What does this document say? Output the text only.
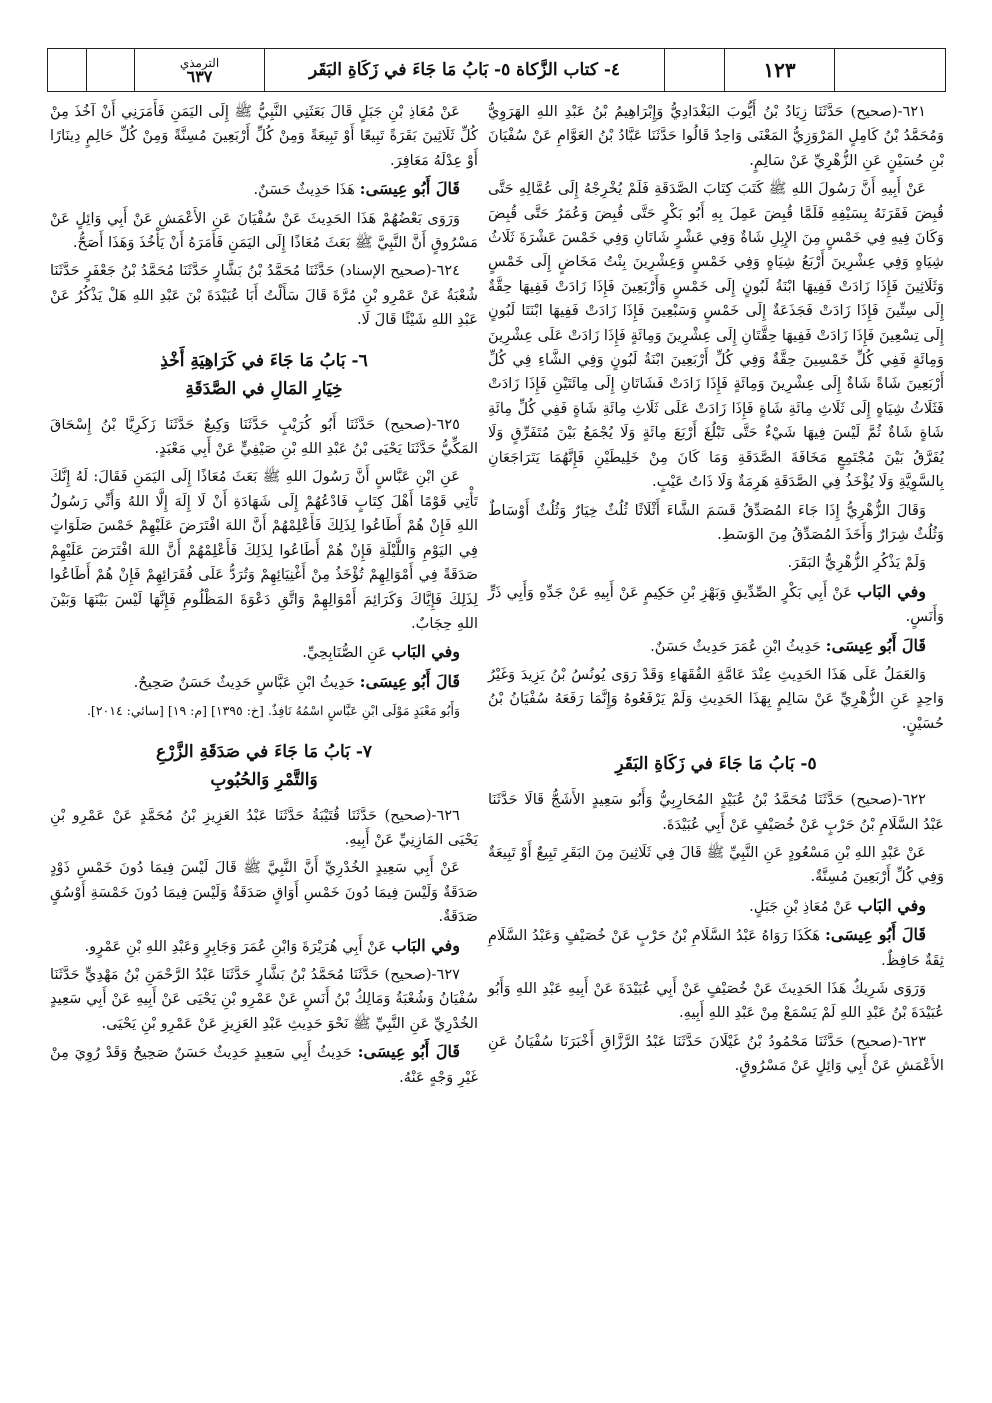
الترمذي
٦٣٧	٤- كتاب الزَّكاة ٥- بَابُ مَا جَاءَ في زَكَاةِ البَقَر	١٢٣

٦٢١-(صحيح) حَدَّثَنَا زِيَادُ بْنُ أَيُّوبَ البَغْدَادِيُّ وَإِبْرَاهِيمُ بْنُ عَبْدِ اللهِ الهَرَوِيُّ وَمُحَمَّدُ بْنُ كَامِلٍ المَرْوَزِيُّ المَعْنَى وَاحِدٌ قَالُوا حَدَّثَنَا عَبَّادُ بْنُ العَوَّامِ عَنْ سُفْيَانَ بْنِ حُسَيْنٍ عَنِ الزُّهْرِيِّ عَنْ سَالِمٍ.

عَنْ أَبِيهِ أَنَّ رَسُولَ اللهِ ﷺ كَتَبَ كِتَابَ الصَّدَقَةِ فَلَمْ يُخْرِجْهُ إِلَى عُمَّالِهِ حَتَّى قُبِضَ فَقَرَنَهُ بِسَيْفِهِ فَلَمَّا قُبِضَ عَمِلَ بِهِ أَبُو بَكْرٍ حَتَّى قُبِضَ وَعُمَرُ حَتَّى قُبِضَ وَكَانَ فِيهِ فِي خَمْسٍ مِنَ الإِبِلِ شَاةٌ وَفِي عَشْرٍ شَاتَانِ وَفِي خَمْسَ عَشْرَةَ ثَلَاثُ شِيَاهٍ وَفِي عِشْرِينَ أَرْبَعُ شِيَاهٍ وَفِي خَمْسٍ وَعِشْرِينَ بِنْتُ مَخَاضٍ إِلَى خَمْسٍ وَثَلَاثِينَ فَإِذَا زَادَتْ فَفِيهَا ابْنَةُ لَبُونٍ إِلَى خَمْسٍ وَأَرْبَعِينَ فَإِذَا زَادَتْ فَفِيهَا حِقَّةٌ إِلَى سِتِّينَ فَإِذَا زَادَتْ فَجَذَعَةٌ إِلَى خَمْسٍ وَسَبْعِينَ فَإِذَا زَادَتْ فَفِيهَا ابْنَتَا لَبُونٍ إِلَى تِسْعِينَ فَإِذَا زَادَتْ فَفِيهَا حِقَّتَانِ إِلَى عِشْرِينَ وَمِائَةٍ فَإِذَا زَادَتْ عَلَى عِشْرِينَ وَمِائَةٍ فَفِي كُلِّ خَمْسِينَ حِقَّةٌ وَفِي كُلِّ أَرْبَعِينَ ابْنَةُ لَبُونٍ وَفِي الشَّاءِ فِي كُلِّ أَرْبَعِينَ شَاةً شَاةٌ إِلَى عِشْرِينَ وَمِائَةٍ فَإِذَا زَادَتْ فَشَاتَانِ إِلَى مِائَتَيْنِ فَإِذَا زَادَتْ فَثَلَاثُ شِيَاهٍ إِلَى ثَلَاثِ مِائَةِ شَاةٍ فَإِذَا زَادَتْ عَلَى ثَلَاثِ مِائَةِ شَاةٍ فَفِي كُلِّ مِائَةِ شَاةٍ شَاةٌ ثُمَّ لَيْسَ فِيهَا شَيْءٌ حَتَّى تَبْلُغَ أَرْبَعَ مِائَةٍ وَلَا يُجْمَعُ بَيْنَ مُتَفَرِّقٍ وَلَا يُفَرَّقُ بَيْنَ مُجْتَمِعٍ مَخَافَةَ الصَّدَقَةِ وَمَا كَانَ مِنْ خَلِيطَيْنِ فَإِنَّهُمَا يَتَرَاجَعَانِ بِالسَّوِيَّةِ وَلَا يُؤْخَذُ فِي الصَّدَقَةِ هَرِمَةٌ وَلَا ذَاتُ عَيْبٍ.

وَقَالَ الزُّهْرِيُّ إِذَا جَاءَ المُصَدِّقُ قَسَمَ الشَّاءَ أَثْلَاثًا ثُلُثٌ خِيَارٌ وَثُلُثٌ أَوْسَاطٌ وَثُلُثٌ شِرَارٌ وَأَخَذَ المُصَدِّقُ مِنَ الوَسَطِ.

وَلَمْ يَذْكُرِ الزُّهْرِيُّ البَقَرَ.

وفي البَاب عَنْ أَبِي بَكْرٍ الصِّدِّيقِ وَبَهْزِ بْنِ حَكِيمٍ عَنْ أَبِيهِ عَنْ جَدِّهِ وَأَبِي ذَرٍّ وَأَنَسٍ.

قَالَ أَبُو عِيسَى: حَدِيثُ ابْنِ عُمَرَ حَدِيثٌ حَسَنٌ.

وَالعَمَلُ عَلَى هَذَا الحَدِيثِ عِنْدَ عَامَّةِ الفُقَهَاءِ وَقَدْ رَوَى يُونُسُ بْنُ يَزِيدَ وَغَيْرُ وَاحِدٍ عَنِ الزُّهْرِيِّ عَنْ سَالِمٍ بِهَذَا الحَدِيثِ وَلَمْ يَرْفَعُوهُ وَإِنَّمَا رَفَعَهُ سُفْيَانُ بْنُ حُسَيْنٍ.

٥- بَابُ مَا جَاءَ في زَكَاةِ البَقَرِ

٦٢٢-(صحيح) حَدَّثَنَا مُحَمَّدُ بْنُ عُبَيْدٍ المُحَارِبِيُّ وَأَبُو سَعِيدٍ الأَشَجُّ قَالَا حَدَّثَنَا عَبْدُ السَّلَامِ بْنُ حَرْبٍ عَنْ خُصَيْفٍ عَنْ أَبِي عُبَيْدَةَ.

عَنْ عَبْدِ اللهِ بْنِ مَسْعُودٍ عَنِ النَّبِيِّ ﷺ قَالَ فِي ثَلَاثِينَ مِنَ البَقَرِ تَبِيعٌ أَوْ تَبِيعَةٌ وَفِي كُلِّ أَرْبَعِينَ مُسِنَّةٌ.

وفي البَاب عَنْ مُعَاذِ بْنِ جَبَلٍ.

قَالَ أَبُو عِيسَى: هَكَذَا رَوَاهُ عَبْدُ السَّلَامِ بْنُ حَرْبٍ عَنْ خُصَيْفٍ وَعَبْدُ السَّلَامِ ثِقَةٌ حَافِظٌ.

وَرَوَى شَرِيكٌ هَذَا الحَدِيثَ عَنْ خُصَيْفٍ عَنْ أَبِي عُبَيْدَةَ عَنْ أَبِيهِ عَبْدِ اللهِ وَأَبُو عُبَيْدَةَ بْنُ عَبْدِ اللهِ لَمْ يَسْمَعْ مِنْ عَبْدِ اللهِ أَبِيهِ.

٦٢٣-(صحيح) حَدَّثَنَا مَحْمُودُ بْنُ غَيْلَانَ حَدَّثَنَا عَبْدُ الرَّزَّاقِ أَخْبَرَنَا سُفْيَانُ عَنِ الأَعْمَشِ عَنْ أَبِي وَائِلٍ عَنْ مَسْرُوقٍ.

عَنْ مُعَاذِ بْنِ جَبَلٍ قَالَ بَعَثَنِي النَّبِيُّ ﷺ إِلَى اليَمَنِ فَأَمَرَنِي أَنْ آخُذَ مِنْ كُلِّ ثَلَاثِينَ بَقَرَةً تَبِيعًا أَوْ تَبِيعَةً وَمِنْ كُلِّ أَرْبَعِينَ مُسِنَّةً وَمِنْ كُلِّ حَالِمٍ دِينَارًا أَوْ عِدْلَهُ مَعَافِرَ.

قَالَ أَبُو عِيسَى: هَذَا حَدِيثٌ حَسَنٌ.

وَرَوَى بَعْضُهُمْ هَذَا الحَدِيثَ عَنْ سُفْيَانَ عَنِ الأَعْمَشِ عَنْ أَبِي وَائِلٍ عَنْ مَسْرُوقٍ أَنَّ النَّبِيَّ ﷺ بَعَثَ مُعَاذًا إِلَى اليَمَنِ فَأَمَرَهُ أَنْ يَأْخُذَ وَهَذَا أَصَحُّ.

٦٢٤-(صحيح الإسناد) حَدَّثَنَا مُحَمَّدُ بْنُ بَشَّارٍ حَدَّثَنَا مُحَمَّدُ بْنُ جَعْفَرٍ حَدَّثَنَا شُعْبَةُ عَنْ عَمْرِو بْنِ مُرَّةَ قَالَ سَأَلْتُ أَبَا عُبَيْدَةَ بْنَ عَبْدِ اللهِ هَلْ يَذْكُرُ عَنْ عَبْدِ اللهِ شَيْئًا قَالَ لَا.

٦- بَابُ مَا جَاءَ في كَرَاهِيَةِ أَخْذِ
خِيَارِ المَالِ في الصَّدَقَةِ

٦٢٥-(صحيح) حَدَّثَنَا أَبُو كُرَيْبٍ حَدَّثَنَا وَكِيعٌ حَدَّثَنَا زَكَرِيَّا بْنُ إِسْحَاقَ المَكِّيُّ حَدَّثَنَا يَحْيَى بْنُ عَبْدِ اللهِ بْنِ صَيْفِيٍّ عَنْ أَبِي مَعْبَدٍ.

عَنِ ابْنِ عَبَّاسٍ أَنَّ رَسُولَ اللهِ ﷺ بَعَثَ مُعَاذًا إِلَى اليَمَنِ فَقَالَ: لَهُ إِنَّكَ تَأْتِي قَوْمًا أَهْلَ كِتَابٍ فَادْعُهُمْ إِلَى شَهَادَةِ أَنْ لَا إِلَهَ إِلَّا اللهُ وَأَنِّي رَسُولُ اللهِ فَإِنْ هُمْ أَطَاعُوا لِذَلِكَ فَأَعْلِمْهُمْ أَنَّ اللهَ افْتَرَضَ عَلَيْهِمْ خَمْسَ صَلَوَاتٍ فِي اليَوْمِ وَاللَّيْلَةِ فَإِنْ هُمْ أَطَاعُوا لِذَلِكَ فَأَعْلِمْهُمْ أَنَّ اللهَ افْتَرَضَ عَلَيْهِمْ صَدَقَةً فِي أَمْوَالِهِمْ تُؤْخَذُ مِنْ أَغْنِيَائِهِمْ وَتُرَدُّ عَلَى فُقَرَائِهِمْ فَإِنْ هُمْ أَطَاعُوا لِذَلِكَ فَإِيَّاكَ وَكَرَائِمَ أَمْوَالِهِمْ وَاتَّقِ دَعْوَةَ المَظْلُومِ فَإِنَّهَا لَيْسَ بَيْنَهَا وَبَيْنَ اللهِ حِجَابٌ.

وفي البَاب عَنِ الصُّنَابِحِيِّ.

قَالَ أَبُو عِيسَى: حَدِيثُ ابْنِ عَبَّاسٍ حَدِيثٌ حَسَنٌ صَحِيحٌ.

وَأَبُو مَعْبَدٍ مَوْلَى ابْنِ عَبَّاسٍ اسْمُهُ نَافِذٌ. [خ: ١٣٩٥] [م: ١٩] [سائي: ٢٠١٤].

٧- بَابُ مَا جَاءَ في صَدَقَةِ الزَّرْعِ
وَالتَّمْرِ وَالحُبُوبِ

٦٢٦-(صحيح) حَدَّثَنَا قُتَيْبَةُ حَدَّثَنَا عَبْدُ العَزِيزِ بْنُ مُحَمَّدٍ عَنْ عَمْرِو بْنِ يَحْيَى المَازِنِيِّ عَنْ أَبِيهِ.

عَنْ أَبِي سَعِيدٍ الخُدْرِيِّ أَنَّ النَّبِيَّ ﷺ قَالَ لَيْسَ فِيمَا دُونَ خَمْسِ ذَوْدٍ صَدَقَةٌ وَلَيْسَ فِيمَا دُونَ خَمْسِ أَوَاقٍ صَدَقَةٌ وَلَيْسَ فِيمَا دُونَ خَمْسَةِ أَوْسُقٍ صَدَقَةٌ.

وفي البَاب عَنْ أَبِي هُرَيْرَةَ وَابْنِ عُمَرَ وَجَابِرٍ وَعَبْدِ اللهِ بْنِ عَمْرٍو.

٦٢٧-(صحيح) حَدَّثَنَا مُحَمَّدُ بْنُ بَشَّارٍ حَدَّثَنَا عَبْدُ الرَّحْمَنِ بْنُ مَهْدِيٍّ حَدَّثَنَا سُفْيَانُ وَشُعْبَةُ وَمَالِكُ بْنُ أَنَسٍ عَنْ عَمْرِو بْنِ يَحْيَى عَنْ أَبِيهِ عَنْ أَبِي سَعِيدٍ الخُدْرِيِّ عَنِ النَّبِيِّ ﷺ نَحْوَ حَدِيثِ عَبْدِ العَزِيزِ عَنْ عَمْرِو بْنِ يَحْيَى.

قَالَ أَبُو عِيسَى: حَدِيثُ أَبِي سَعِيدٍ حَدِيثٌ حَسَنٌ صَحِيحٌ وَقَدْ رُوِيَ مِنْ غَيْرِ وَجْهٍ عَنْهُ.
